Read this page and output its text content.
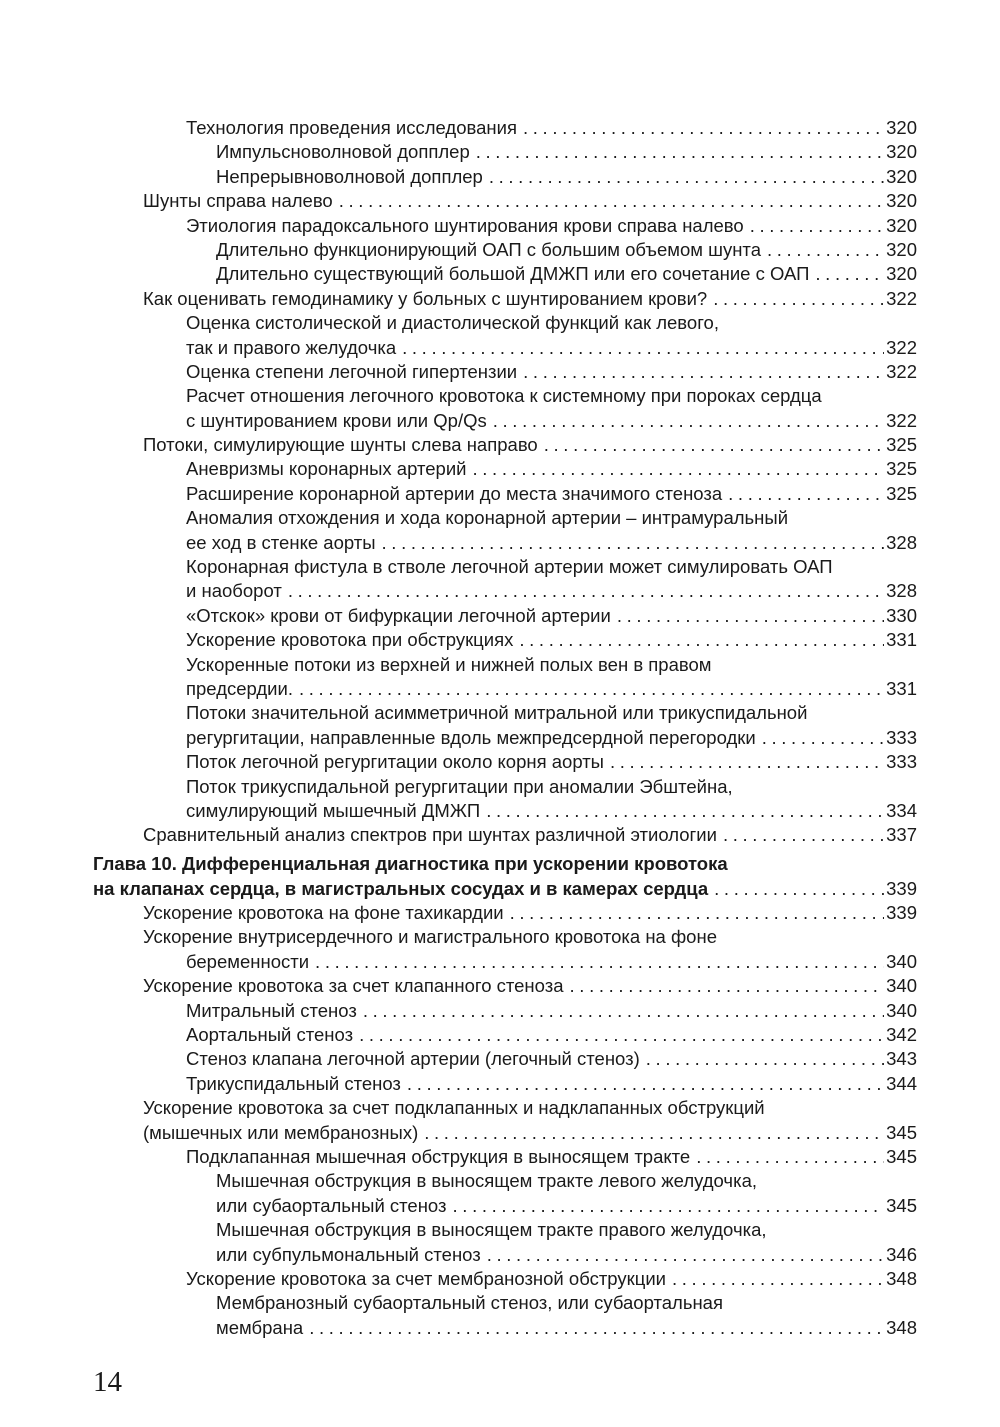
Технология проведения исследования . . .	320
Импульсноволновой допплер . . .	320
Непрерывноволновой допплер . . .	320
Шунты справа налево . . .	320
Этиология парадоксального шунтирования крови справа налево . . .	320
Длительно функционирующий ОАП с большим объемом шунта . . .	320
Длительно существующий большой ДМЖП или его сочетание с ОАП . . .	320
Как оценивать гемодинамику у больных с шунтированием крови? . . .	322
Оценка систолической и диастолической функций как левого,
так и правого желудочка . . .	322
Оценка степени легочной гипертензии . . .	322
Расчет отношения легочного кровотока к системному при пороках сердца
с шунтированием крови или Qp/Qs . . .	322
Потоки, симулирующие шунты слева направо . . .	325
Аневризмы коронарных артерий . . .	325
Расширение коронарной артерии до места значимого стеноза . . .	325
Аномалия отхождения и хода коронарной артерии – интрамуральный
ее ход в стенке аорты . . .	328
Коронарная фистула в стволе легочной артерии может симулировать ОАП
и наоборот . . .	328
«Отскок» крови от бифуркации легочной артерии . . .	330
Ускорение кровотока при обструкциях . . .	331
Ускоренные потоки из верхней и нижней полых вен в правом
предсердии. . . .	331
Потоки значительной асимметричной митральной или трикуспидальной
регургитации, направленные вдоль межпредсердной перегородки . . .	333
Поток легочной регургитации около корня аорты . . .	333
Поток трикуспидальной регургитации при аномалии Эбштейна,
симулирующий мышечный ДМЖП . . .	334
Сравнительный анализ спектров при шунтах различной этиологии . . .	337
Глава 10. Дифференциальная диагностика при ускорении кровотока
на клапанах сердца, в магистральных сосудах и в камерах сердца . . .	339
Ускорение кровотока на фоне тахикардии . . .	339
Ускорение внутрисердечного и магистрального кровотока на фоне
беременности . . .	340
Ускорение кровотока за счет клапанного стеноза . . .	340
Митральный стеноз . . .	340
Аортальный стеноз . . .	342
Стеноз клапана легочной артерии (легочный стеноз) . . .	343
Трикуспидальный стеноз . . .	344
Ускорение кровотока за счет подклапанных и надклапанных обструкций
(мышечных или мембранозных) . . .	345
Подклапанная мышечная обструкция в выносящем тракте . . .	345
Мышечная обструкция в выносящем тракте левого желудочка,
или субаортальный стеноз . . .	345
Мышечная обструкция в выносящем тракте правого желудочка,
или субпульмональный стеноз . . .	346
Ускорение кровотока за счет мембранозной обструкции . . .	348
Мембранозный субаортальный стеноз, или субаортальная
мембрана . . .	348
14
